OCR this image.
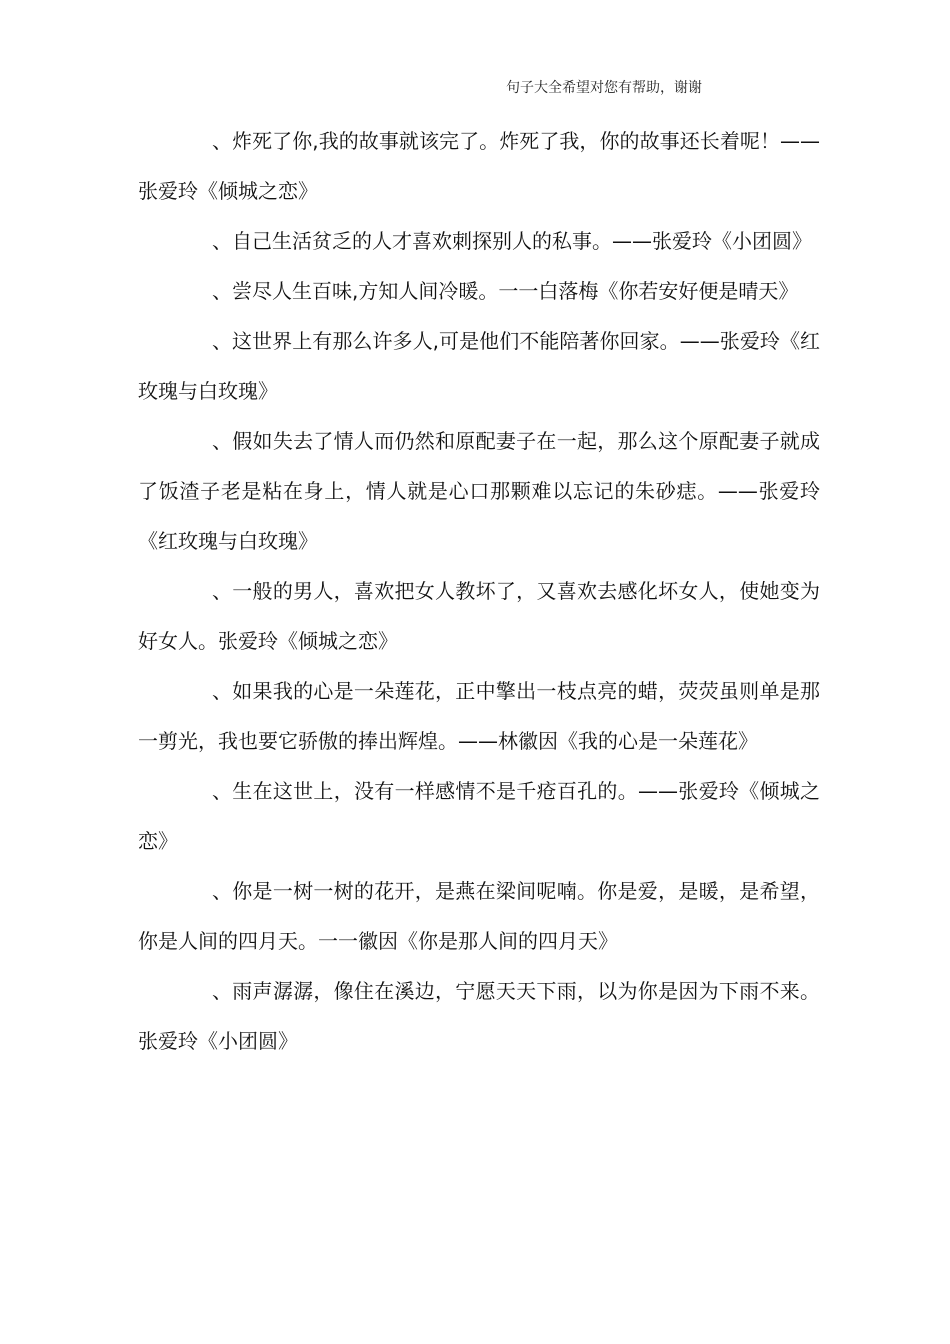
句子大全希望对您有帮助，谢谢

、炸死了你,我的故事就该完了。炸死了我，你的故事还长着呢！——张爱玲《倾城之恋》

、自己生活贫乏的人才喜欢刺探别人的私事。——张爱玲《小团圆》

、尝尽人生百味,方知人间冷暖。一一白落梅《你若安好便是晴天》

、这世界上有那么许多人,可是他们不能陪著你回家。——张爱玲《红玫瑰与白玫瑰》

、假如失去了情人而仍然和原配妻子在一起，那么这个原配妻子就成了饭渣子老是粘在身上，情人就是心口那颗难以忘记的朱砂痣。——张爱玲《红玫瑰与白玫瑰》

、一般的男人，喜欢把女人教坏了，又喜欢去感化坏女人，使她变为好女人。张爱玲《倾城之恋》

、如果我的心是一朵莲花，正中擎出一枝点亮的蜡，荧荧虽则单是那一剪光，我也要它骄傲的捧出辉煌。——林徽因《我的心是一朵莲花》

、生在这世上，没有一样感情不是千疮百孔的。——张爱玲《倾城之恋》

、你是一树一树的花开，是燕在梁间呢喃。你是爱，是暖，是希望，你是人间的四月天。一一徽因《你是那人间的四月天》

、雨声潺潺，像住在溪边，宁愿天天下雨，以为你是因为下雨不来。张爱玲《小团圆》
